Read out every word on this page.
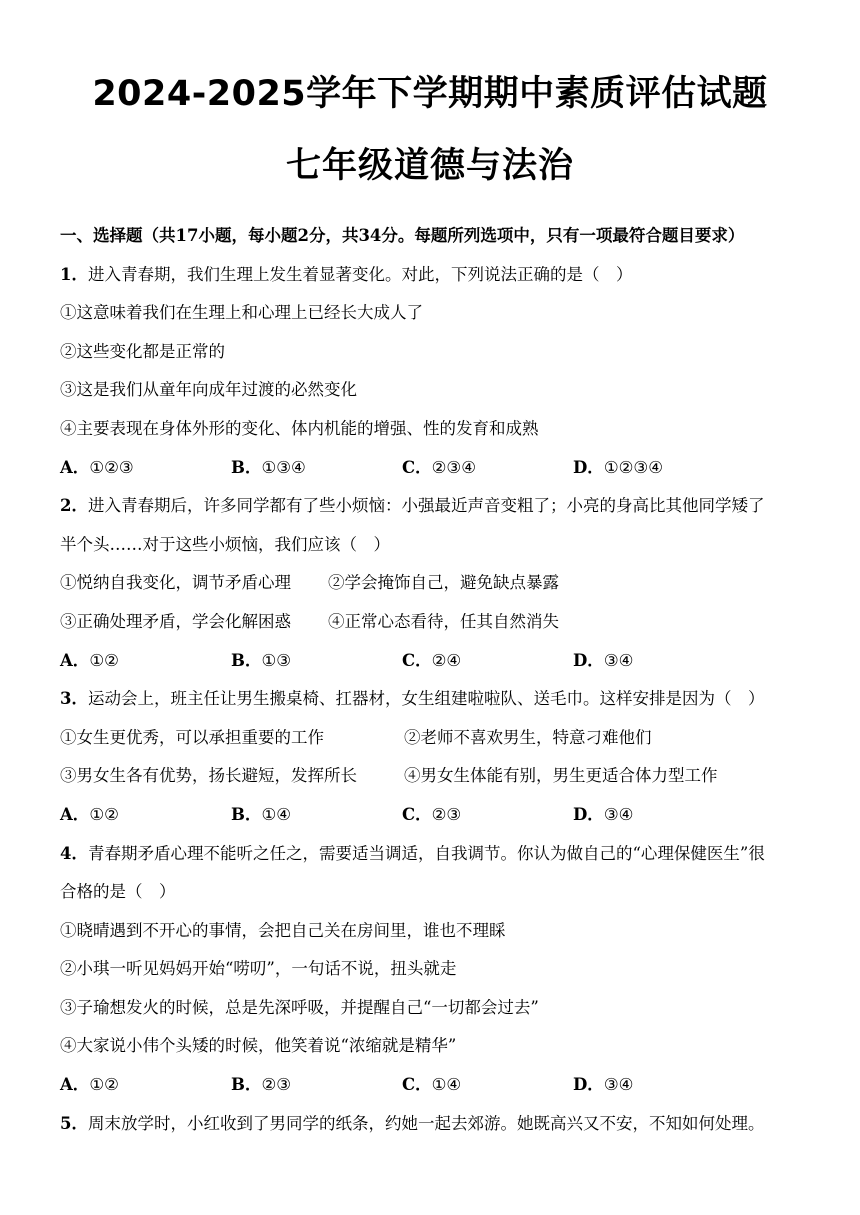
2024-2025学年下学期期中素质评估试题
七年级道德与法治
一、选择题（共17小题，每小题2分，共34分。每题所列选项中，只有一项最符合题目要求）
1．进入青春期，我们生理上发生着显著变化。对此，下列说法正确的是（　）
①这意味着我们在生理上和心理上已经长大成人了
②这些变化都是正常的
③这是我们从童年向成年过渡的必然变化
④主要表现在身体外形的变化、体内机能的增强、性的发育和成熟
A．①②③	B．①③④	C．②③④	D．①②③④
2．进入青春期后，许多同学都有了些小烦恼：小强最近声音变粗了；小亮的身高比其他同学矮了
半个头……对于这些小烦恼，我们应该（　）
①悦纳自我变化，调节矛盾心理 ②学会掩饰自己，避免缺点暴露
③正确处理矛盾，学会化解困惑 ④正常心态看待，任其自然消失
A．①②	B．①③	C．②④	D．③④
3．运动会上，班主任让男生搬桌椅、扛器材，女生组建啦啦队、送毛巾。这样安排是因为（　）
①女生更优秀，可以承担重要的工作	②老师不喜欢男生，特意刁难他们
③男女生各有优势，扬长避短，发挥所长	④男女生体能有别，男生更适合体力型工作
A．①②	B．①④	C．②③	D．③④
4．青春期矛盾心理不能听之任之，需要适当调适，自我调节。你认为做自己的“心理保健医生”很
合格的是（　）
①晓晴遇到不开心的事情，会把自己关在房间里，谁也不理睬
②小琪一听见妈妈开始“唠叨”，一句话不说，扭头就走
③子瑜想发火的时候，总是先深呼吸，并提醒自己“一切都会过去”
④大家说小伟个头矮的时候，他笑着说“浓缩就是精华”
A．①②	B．②③	C．①④	D．③④
5．周末放学时，小红收到了男同学的纸条，约她一起去郊游。她既高兴又不安，不知如何处理。
